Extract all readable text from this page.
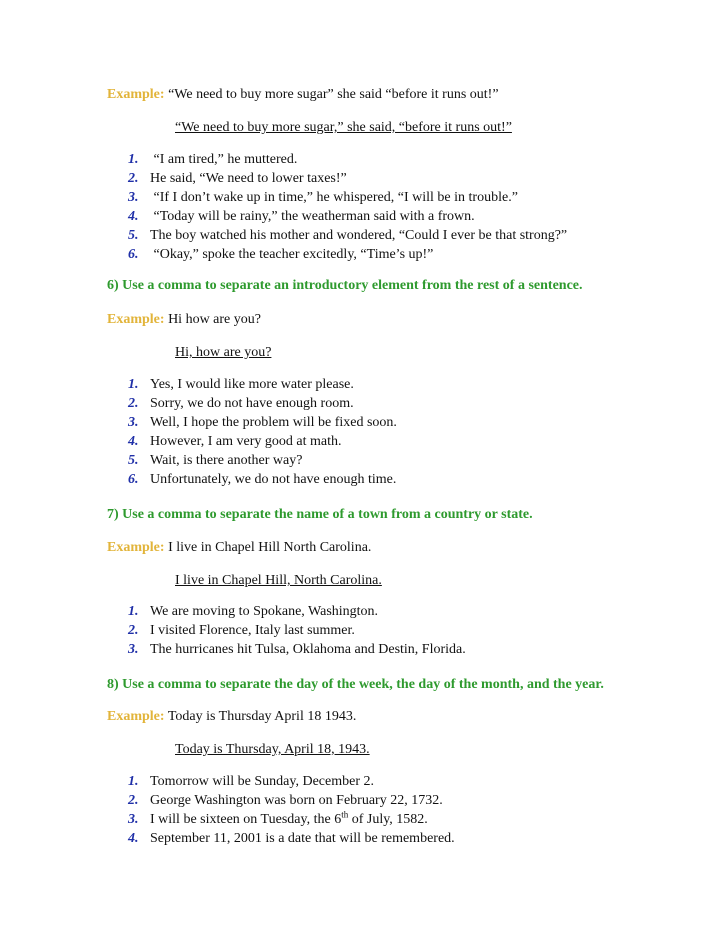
Example: “We need to buy more sugar” she said “before it runs out!”
“We need to buy more sugar,” she said, “before it runs out!”
1. “I am tired,” he muttered.
2. He said, “We need to lower taxes!”
3. “If I don’t wake up in time,” he whispered, “I will be in trouble.”
4. “Today will be rainy,” the weatherman said with a frown.
5. The boy watched his mother and wondered, “Could I ever be that strong?”
6. “Okay,” spoke the teacher excitedly, “Time’s up!”
6) Use a comma to separate an introductory element from the rest of a sentence.
Example: Hi how are you?
Hi, how are you?
1. Yes, I would like more water please.
2. Sorry, we do not have enough room.
3. Well, I hope the problem will be fixed soon.
4. However, I am very good at math.
5. Wait, is there another way?
6. Unfortunately, we do not have enough time.
7) Use a comma to separate the name of a town from a country or state.
Example: I live in Chapel Hill North Carolina.
I live in Chapel Hill, North Carolina.
1. We are moving to Spokane, Washington.
2. I visited Florence, Italy last summer.
3. The hurricanes hit Tulsa, Oklahoma and Destin, Florida.
8) Use a comma to separate the day of the week, the day of the month, and the year.
Example: Today is Thursday April 18 1943.
Today is Thursday, April 18, 1943.
1. Tomorrow will be Sunday, December 2.
2. George Washington was born on February 22, 1732.
3. I will be sixteen on Tuesday, the 6th of July, 1582.
4. September 11, 2001 is a date that will be remembered.
